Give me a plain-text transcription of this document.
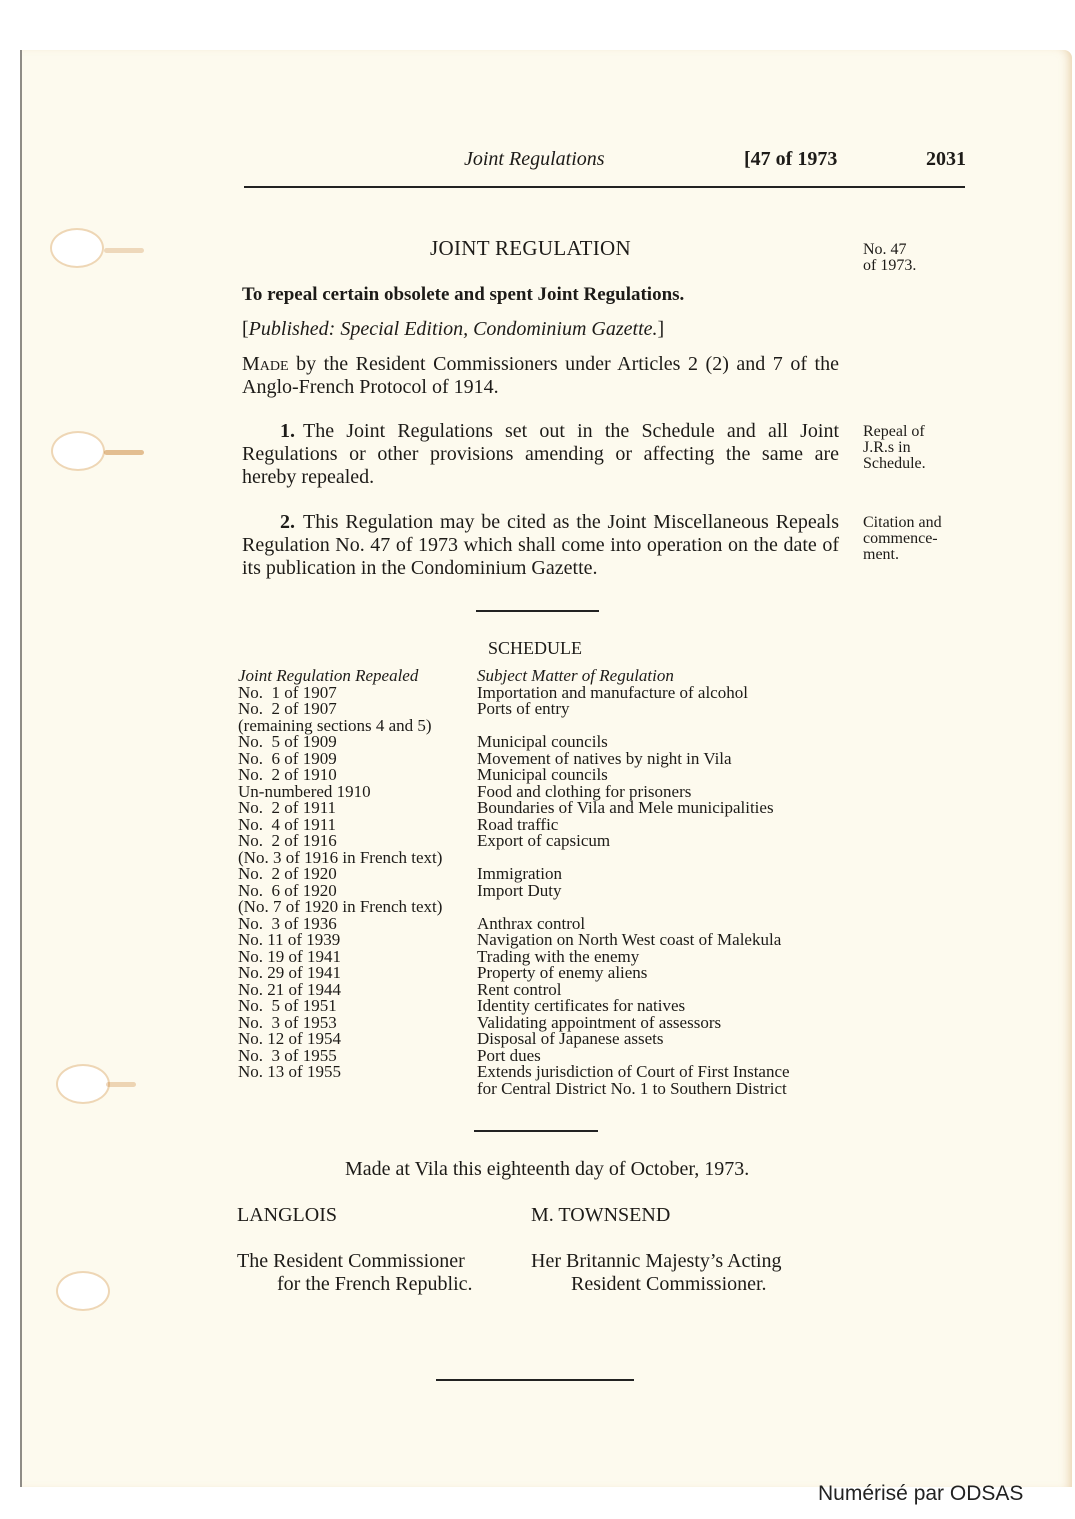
Joint Regulations	[47 of 1973	2031
JOINT REGULATION	No. 47
of 1973.
To repeal certain obsolete and spent Joint Regulations.
[Published: Special Edition, Condominium Gazette.]
Made by the Resident Commissioners under Articles 2 (2) and 7 of the Anglo-French Protocol of 1914.
1. The Joint Regulations set out in the Schedule and all Joint Regulations or other provisions amending or affecting the same are hereby repealed.
Repeal of
J.R.s in
Schedule.
2. This Regulation may be cited as the Joint Miscellaneous Repeals Regulation No. 47 of 1973 which shall come into operation on the date of its publication in the Condominium Gazette.
Citation and
commence-
ment.
SCHEDULE
Joint Regulation Repealed	Subject Matter of Regulation
No.  1 of 1907	Importation and manufacture of alcohol
No.  2 of 1907	Ports of entry
(remaining sections 4 and 5)
No.  5 of 1909	Municipal councils
No.  6 of 1909	Movement of natives by night in Vila
No.  2 of 1910	Municipal councils
Un-numbered 1910	Food and clothing for prisoners
No.  2 of 1911	Boundaries of Vila and Mele municipalities
No.  4 of 1911	Road traffic
No.  2 of 1916	Export of capsicum
(No. 3 of 1916 in French text)
No.  2 of 1920	Immigration
No.  6 of 1920	Import Duty
(No. 7 of 1920 in French text)
No.  3 of 1936	Anthrax control
No. 11 of 1939	Navigation on North West coast of Malekula
No. 19 of 1941	Trading with the enemy
No. 29 of 1941	Property of enemy aliens
No. 21 of 1944	Rent control
No.  5 of 1951	Identity certificates for natives
No.  3 of 1953	Validating appointment of assessors
No. 12 of 1954	Disposal of Japanese assets
No.  3 of 1955	Port dues
No. 13 of 1955	Extends jurisdiction of Court of First Instance
for Central District No. 1 to Southern District
Made at Vila this eighteenth day of October, 1973.
LANGLOIS	M. TOWNSEND
The Resident Commissioner
for the French Republic.
Her Britannic Majesty’s Acting
Resident Commissioner.
Numérisé par ODSAS
